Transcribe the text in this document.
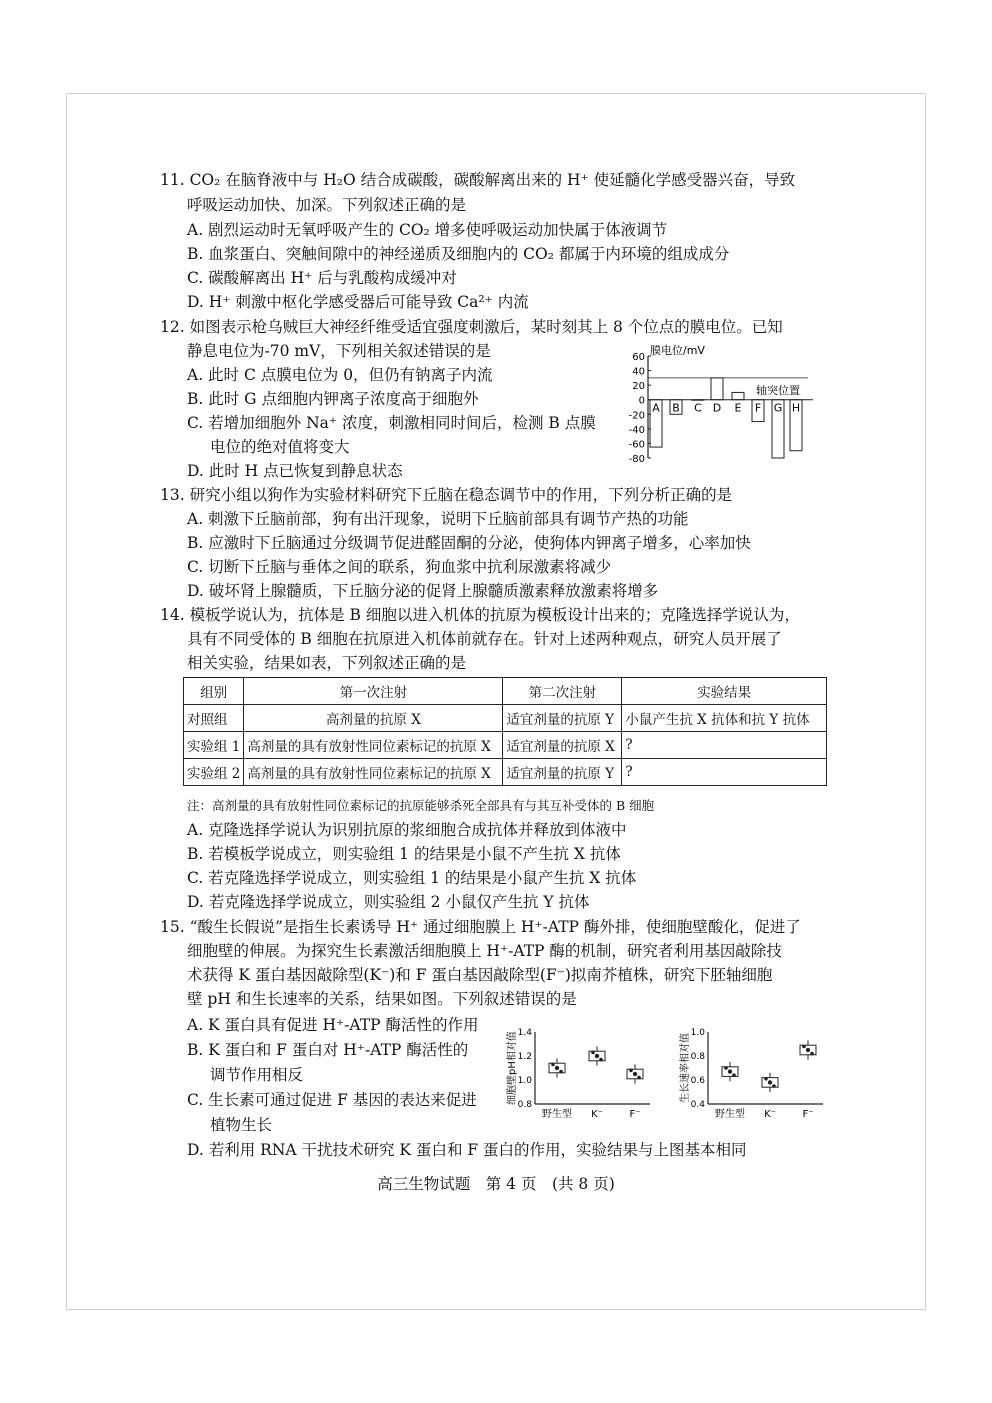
11. CO₂ 在脑脊液中与 H₂O 结合成碳酸，碳酸解离出来的 H⁺ 使延髓化学感受器兴奋，导致
呼吸运动加快、加深。下列叙述正确的是
A. 剧烈运动时无氧呼吸产生的 CO₂ 增多使呼吸运动加快属于体液调节
B. 血浆蛋白、突触间隙中的神经递质及细胞内的 CO₂ 都属于内环境的组成成分
C. 碳酸解离出 H⁺ 后与乳酸构成缓冲对
D. H⁺ 刺激中枢化学感受器后可能导致 Ca²⁺ 内流
12. 如图表示枪乌贼巨大神经纤维受适宜强度刺激后，某时刻其上 8 个位点的膜电位。已知
静息电位为-70 mV，下列相关叙述错误的是
A. 此时 C 点膜电位为 0，但仍有钠离子内流
B. 此时 G 点细胞内钾离子浓度高于细胞外
C. 若增加细胞外 Na⁺ 浓度，刺激相同时间后，检测 B 点膜
电位的绝对值将变大
D. 此时 H 点已恢复到静息状态
膜电位/mV
60
40
20
0
-20
-40
-60
-80
轴突位置
A B C D E F G H
13. 研究小组以狗作为实验材料研究下丘脑在稳态调节中的作用，下列分析正确的是
A. 刺激下丘脑前部，狗有出汗现象，说明下丘脑前部具有调节产热的功能
B. 应激时下丘脑通过分级调节促进醛固酮的分泌，使狗体内钾离子增多，心率加快
C. 切断下丘脑与垂体之间的联系，狗血浆中抗利尿激素将减少
D. 破坏肾上腺髓质，下丘脑分泌的促肾上腺髓质激素释放激素将增多
14. 模板学说认为，抗体是 B 细胞以进入机体的抗原为模板设计出来的；克隆选择学说认为，
具有不同受体的 B 细胞在抗原进入机体前就存在。针对上述两种观点，研究人员开展了
相关实验，结果如表，下列叙述正确的是
组别	第一次注射	第二次注射	实验结果
对照组	高剂量的抗原 X	适宜剂量的抗原 Y	小鼠产生抗 X 抗体和抗 Y 抗体
实验组 1	高剂量的具有放射性同位素标记的抗原 X	适宜剂量的抗原 X	?
实验组 2	高剂量的具有放射性同位素标记的抗原 X	适宜剂量的抗原 Y	?
注：高剂量的具有放射性同位素标记的抗原能够杀死全部具有与其互补受体的 B 细胞
A. 克隆选择学说认为识别抗原的浆细胞合成抗体并释放到体液中
B. 若模板学说成立，则实验组 1 的结果是小鼠不产生抗 X 抗体
C. 若克隆选择学说成立，则实验组 1 的结果是小鼠产生抗 X 抗体
D. 若克隆选择学说成立，则实验组 2 小鼠仅产生抗 Y 抗体
15. “酸生长假说”是指生长素诱导 H⁺ 通过细胞膜上 H⁺-ATP 酶外排，使细胞壁酸化，促进了
细胞壁的伸展。为探究生长素激活细胞膜上 H⁺-ATP 酶的机制，研究者利用基因敲除技
术获得 K 蛋白基因敲除型(K⁻)和 F 蛋白基因敲除型(F⁻)拟南芥植株，研究下胚轴细胞
壁 pH 和生长速率的关系，结果如图。下列叙述错误的是
A. K 蛋白具有促进 H⁺-ATP 酶活性的作用
B. K 蛋白和 F 蛋白对 H⁺-ATP 酶活性的
调节作用相反
C. 生长素可通过促进 F 基因的表达来促进
植物生长
D. 若利用 RNA 干扰技术研究 K 蛋白和 F 蛋白的作用，实验结果与上图基本相同
细胞壁pH相对值 1.4
1.2
1.0
0.8
野生型 K⁻	F⁻
生长速率相对值 1.0
0.8
0.6
0.4
野生型 K⁻	F⁻
高三生物试题　第 4 页　(共 8 页)
